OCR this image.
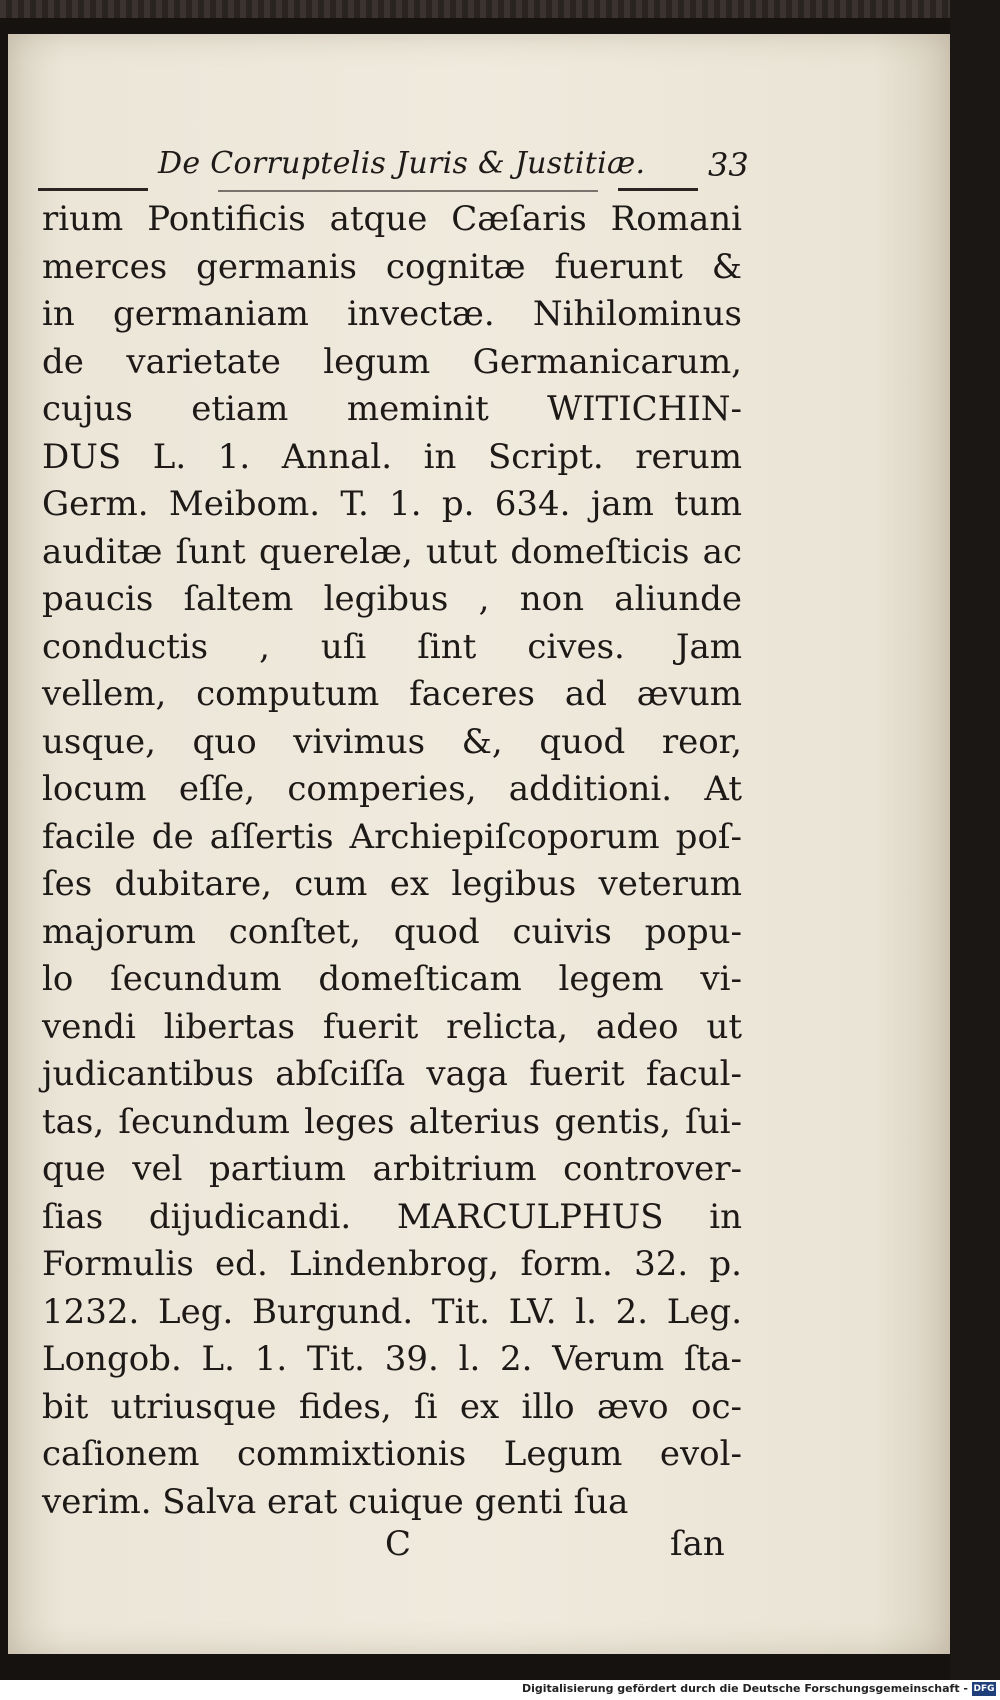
De Corruptelis Juris & Justitiæ. 33
rium Pontificis atque Cæſaris Romani
merces germanis cognitæ fuerunt &
in germaniam invectæ. Nihilominus
de varietate legum Germanicarum,
cujus etiam meminit WITICHIN-
DUS L. 1. Annal. in Script. rerum
Germ. Meibom. T. 1. p. 634. jam tum
auditæ ſunt querelæ, utut domeſticis ac
paucis ſaltem legibus , non aliunde
conductis , uſi ſint cives. Jam
vellem, computum faceres ad ævum
usque, quo vivimus &, quod reor,
locum eſſe, comperies, additioni. At
facile de aſſertis Archiepiſcoporum poſ-
ſes dubitare, cum ex legibus veterum
majorum conſtet, quod cuivis popu-
lo ſecundum domeſticam legem vi-
vendi libertas fuerit relicta, adeo ut
judicantibus abſciſſa vaga fuerit facul-
tas, ſecundum leges alterius gentis, ſui-
que vel partium arbitrium controver-
ſias dijudicandi. MARCULPHUS in
Formulis ed. Lindenbrog, form. 32. p.
1232. Leg. Burgund. Tit. LV. l. 2. Leg.
Longob. L. 1. Tit. 39. l. 2. Verum ſta-
bit utriusque fides, ſi ex illo ævo oc-
caſionem commixtionis Legum evol-
verim. Salva erat cuique genti ſua
C	ſan
Digitalisierung gefördert durch die Deutsche Forschungsgemeinschaft - DFG
